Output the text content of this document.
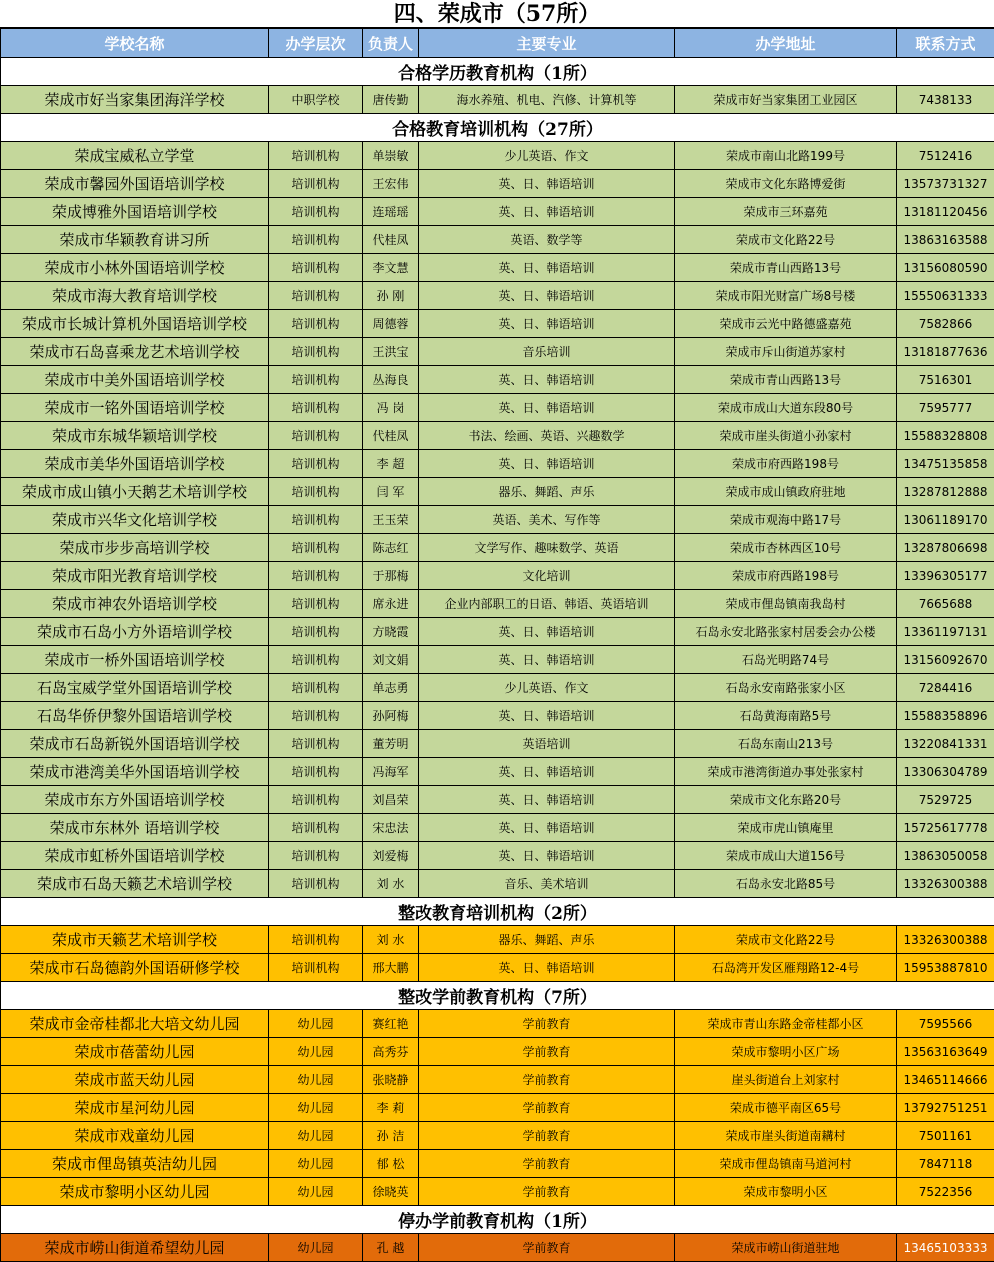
四、荣成市（57所）
学校名称	办学层次	负责人	主要专业	办学地址	联系方式
合格学历教育机构（1所）					
荣成市好当家集团海洋学校	中职学校	唐传勤	海水养殖、机电、汽修、计算机等	荣成市好当家集团工业园区	7438133
合格教育培训机构（27所）					
荣成宝威私立学堂	培训机构	单崇敏	少儿英语、作文	荣成市南山北路199号	7512416
荣成市馨园外国语培训学校	培训机构	王宏伟	英、日、韩语培训	荣成市文化东路博爱街	13573731327
荣成博雅外国语培训学校	培训机构	连瑶瑶	英、日、韩语培训	荣成市三环嘉苑	13181120456
荣成市华颖教育讲习所	培训机构	代桂凤	英语、数学等	荣成市文化路22号	13863163588
荣成市小林外国语培训学校	培训机构	李文慧	英、日、韩语培训	荣成市青山西路13号	13156080590
荣成市海大教育培训学校	培训机构	孙 刚	英、日、韩语培训	荣成市阳光财富广场8号楼	15550631333
荣成市长城计算机外国语培训学校	培训机构	周德蓉	英、日、韩语培训	荣成市云光中路德盛嘉苑	7582866
荣成市石岛喜乘龙艺术培训学校	培训机构	王洪宝	音乐培训	荣成市斥山街道苏家村	13181877636
荣成市中美外国语培训学校	培训机构	丛海良	英、日、韩语培训	荣成市青山西路13号	7516301
荣成市一铭外国语培训学校	培训机构	冯 岗	英、日、韩语培训	荣成市成山大道东段80号	7595777
荣成市东城华颖培训学校	培训机构	代桂凤	书法、绘画、英语、兴趣数学	荣成市崖头街道小孙家村	15588328808
荣成市美华外国语培训学校	培训机构	李 超	英、日、韩语培训	荣成市府西路198号	13475135858
荣成市成山镇小天鹅艺术培训学校	培训机构	闫 军	器乐、舞蹈、声乐	荣成市成山镇政府驻地	13287812888
荣成市兴华文化培训学校	培训机构	王玉荣	英语、美术、写作等	荣成市观海中路17号	13061189170
荣成市步步高培训学校	培训机构	陈志红	文学写作、趣味数学、英语	荣成市杏林西区10号	13287806698
荣成市阳光教育培训学校	培训机构	于那梅	文化培训	荣成市府西路198号	13396305177
荣成市神农外语培训学校	培训机构	席永进	企业内部职工的日语、韩语、英语培训	荣成市俚岛镇南我岛村	7665688
荣成市石岛小方外语培训学校	培训机构	方晓霞	英、日、韩语培训	石岛永安北路张家村居委会办公楼	13361197131
荣成市一桥外国语培训学校	培训机构	刘文娟	英、日、韩语培训	石岛光明路74号	13156092670
石岛宝威学堂外国语培训学校	培训机构	单志勇	少儿英语、作文	石岛永安南路张家小区	7284416
石岛华侨伊黎外国语培训学校	培训机构	孙阿梅	英、日、韩语培训	石岛黄海南路5号	15588358896
荣成市石岛新锐外国语培训学校	培训机构	董芳明	英语培训	石岛东南山213号	13220841331
荣成市港湾美华外国语培训学校	培训机构	冯海军	英、日、韩语培训	荣成市港湾街道办事处张家村	13306304789
荣成市东方外国语培训学校	培训机构	刘昌荣	英、日、韩语培训	荣成市文化东路20号	7529725
荣成市东林外 语培训学校	培训机构	宋忠法	英、日、韩语培训	荣成市虎山镇庵里	15725617778
荣成市虹桥外国语培训学校	培训机构	刘爱梅	英、日、韩语培训	荣成市成山大道156号	13863050058
荣成市石岛天籁艺术培训学校	培训机构	刘 水	音乐、美术培训	石岛永安北路85号	13326300388
整改教育培训机构（2所）					
荣成市天籁艺术培训学校	培训机构	刘 水	器乐、舞蹈、声乐	荣成市文化路22号	13326300388
荣成市石岛德韵外国语研修学校	培训机构	邢大鹏	英、日、韩语培训	石岛湾开发区雁翔路12-4号	15953887810
整改学前教育机构（7所）					
荣成市金帝桂都北大培文幼儿园	幼儿园	赛红艳	学前教育	荣成市青山东路金帝桂都小区	7595566
荣成市蓓蕾幼儿园	幼儿园	高秀芬	学前教育	荣成市黎明小区广场	13563163649
荣成市蓝天幼儿园	幼儿园	张晓静	学前教育	崖头街道台上刘家村	13465114666
荣成市星河幼儿园	幼儿园	李 莉	学前教育	荣成市德平南区65号	13792751251
荣成市戏童幼儿园	幼儿园	孙 洁	学前教育	荣成市崖头街道南耩村	7501161
荣成市俚岛镇英洁幼儿园	幼儿园	郁 松	学前教育	荣成市俚岛镇南马道河村	7847118
荣成市黎明小区幼儿园	幼儿园	徐晓英	学前教育	荣成市黎明小区	7522356
停办学前教育机构（1所）					
荣成市崂山街道希望幼儿园	幼儿园	孔 越	学前教育	荣成市崂山街道驻地	13465103333
